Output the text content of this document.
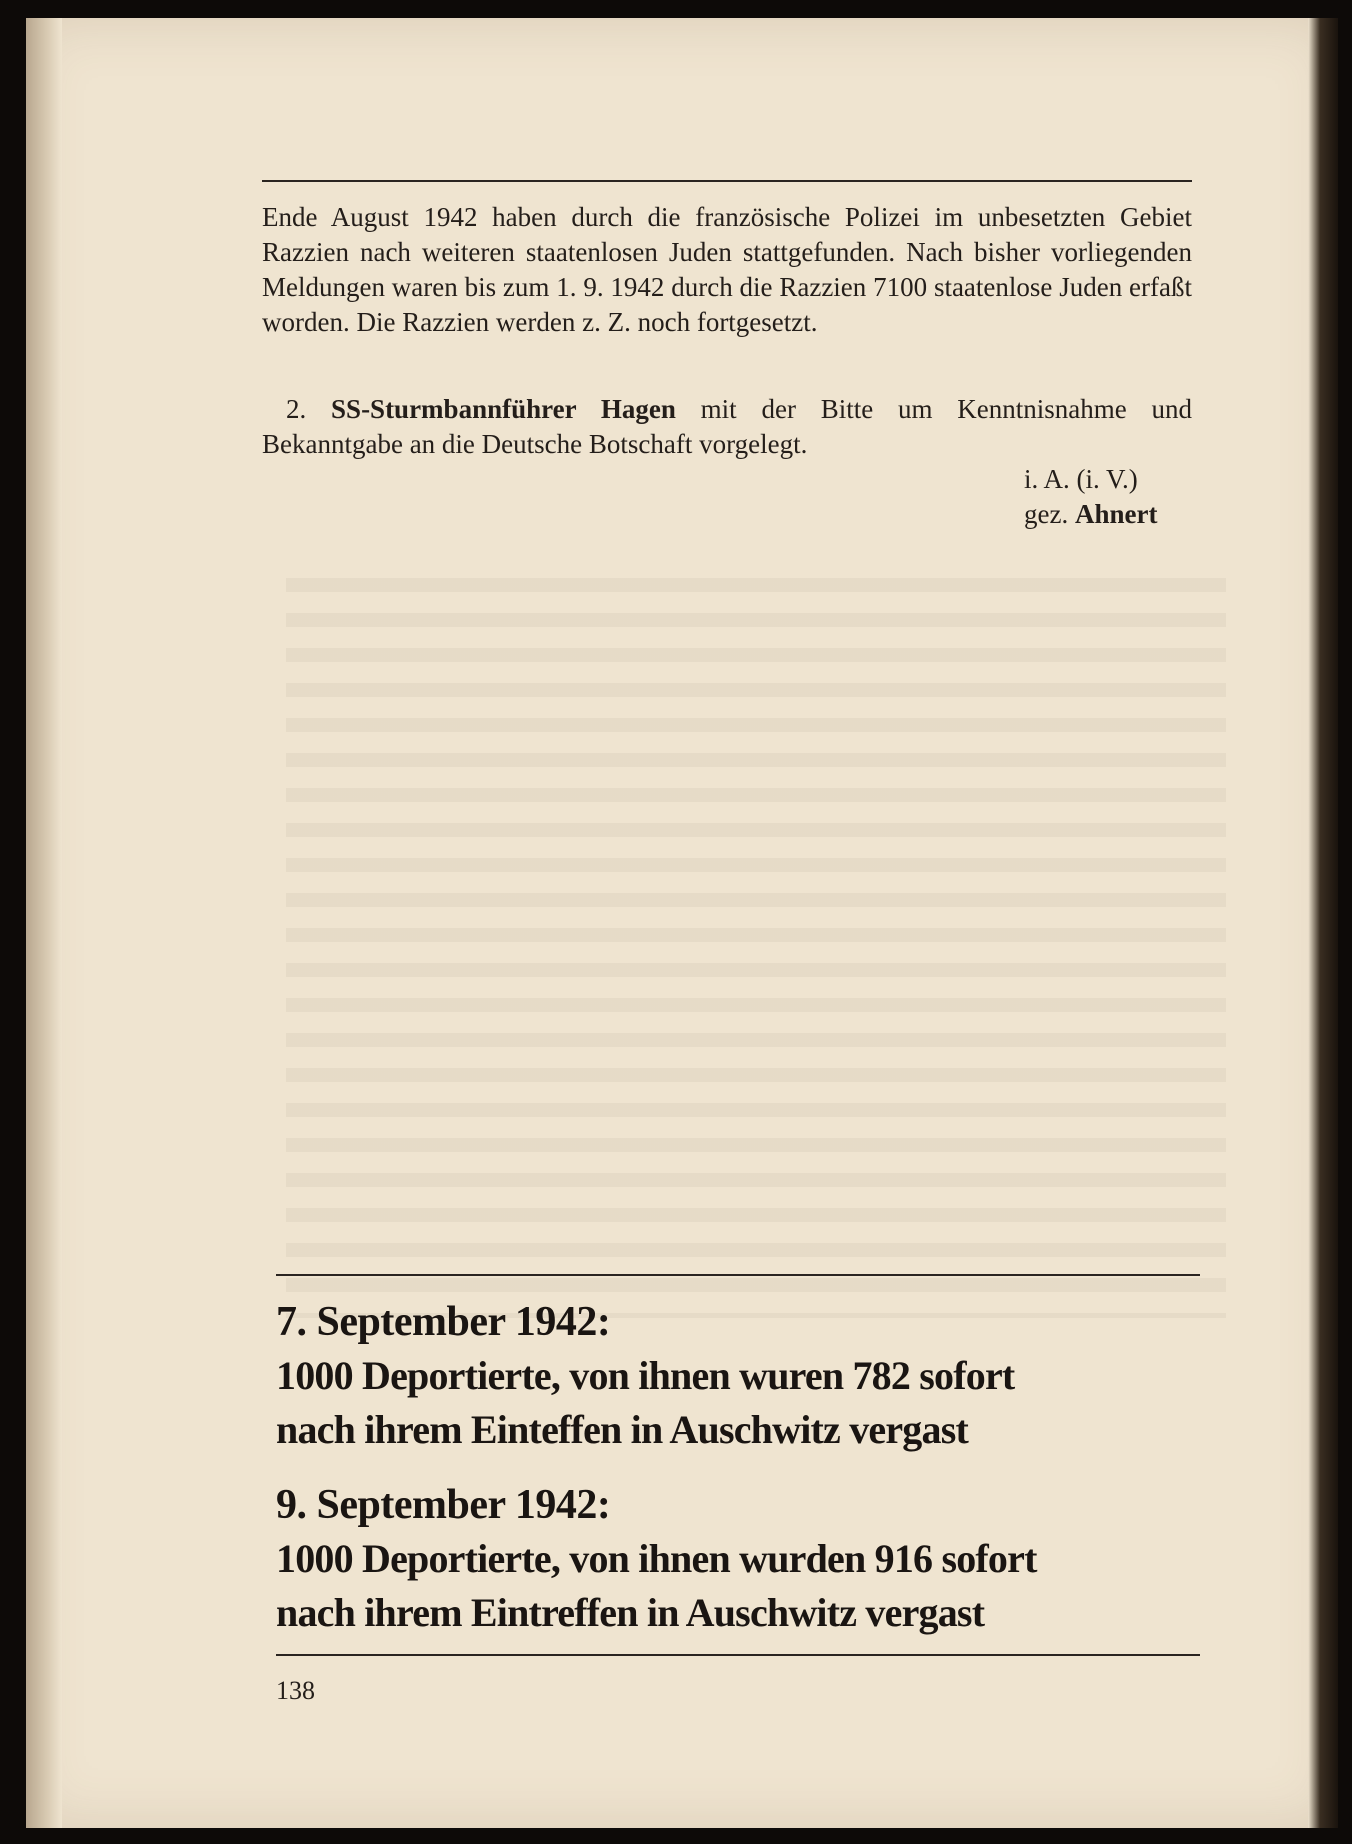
Ende August 1942 haben durch die französische Polizei im unbesetzten Gebiet Razzien nach weiteren staatenlosen Juden stattgefunden. Nach bisher vorliegenden Meldungen waren bis zum 1. 9. 1942 durch die Razzien 7100 staatenlose Juden erfaßt worden. Die Razzien werden z. Z. noch fortgesetzt.

2. SS-Sturmbannführer Hagen mit der Bitte um Kenntnisnahme und Bekanntgabe an die Deutsche Botschaft vorgelegt.

i. A. (i. V.)
gez. Ahnert
7. September 1942:
1000 Deportierte, von ihnen wuren 782 sofort
nach ihrem Einteffen in Auschwitz vergast
9. September 1942:
1000 Deportierte, von ihnen wurden 916 sofort
nach ihrem Eintreffen in Auschwitz vergast
138
